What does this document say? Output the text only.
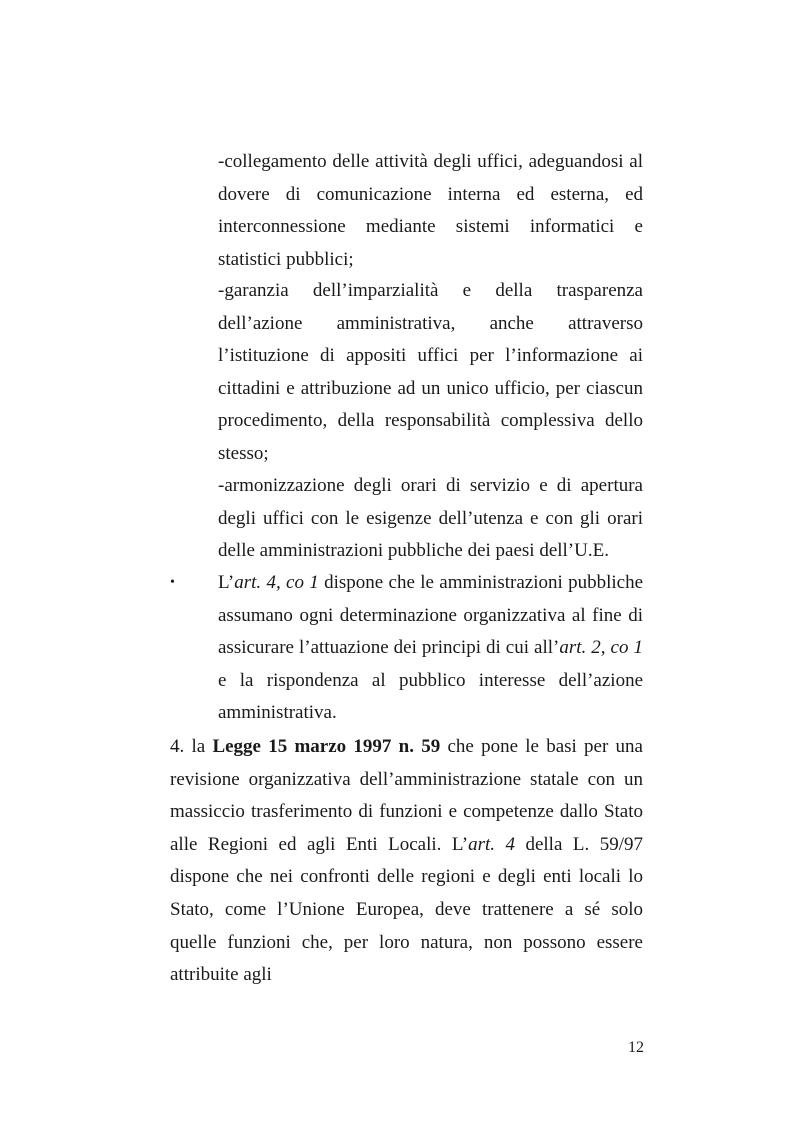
-collegamento delle attività degli uffici, adeguandosi al dovere di comunicazione interna ed esterna, ed interconnessione mediante sistemi informatici e statistici pubblici;

-garanzia dell’imparzialità e della trasparenza dell’azione amministrativa, anche attraverso l’istituzione di appositi uffici per l’informazione ai cittadini e attribuzione ad un unico ufficio, per ciascun procedimento, della responsabilità complessiva dello stesso;

-armonizzazione degli orari di servizio e di apertura degli uffici con le esigenze dell’utenza e con gli orari delle amministrazioni pubbliche dei paesi dell’U.E.

• L’art. 4, co 1 dispone che le amministrazioni pubbliche assumano ogni determinazione organizzativa al fine di assicurare l’attuazione dei principi di cui all’art. 2, co 1 e la rispondenza al pubblico interesse dell’azione amministrativa.

4. la Legge 15 marzo 1997 n. 59 che pone le basi per una revisione organizzativa dell’amministrazione statale con un massiccio trasferimento di funzioni e competenze dallo Stato alle Regioni ed agli Enti Locali. L’art. 4 della L. 59/97 dispone che nei confronti delle regioni e degli enti locali lo Stato, come l’Unione Europea, deve trattenere a sé solo quelle funzioni che, per loro natura, non possono essere attribuite agli

12
